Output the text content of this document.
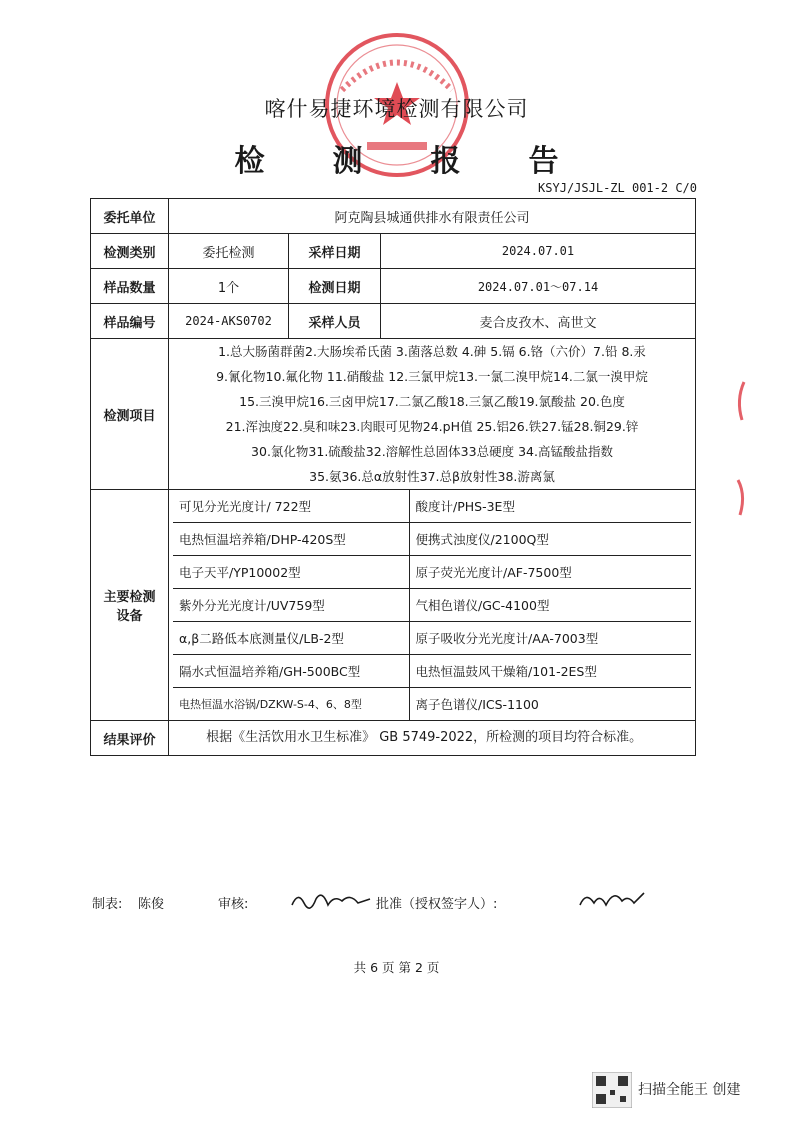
喀什易捷环境检测有限公司
检 测 报 告
KSYJ/JSJL-ZL 001-2 C/0
委托单位	阿克陶县城通供排水有限责任公司
检测类别	委托检测	采样日期	2024.07.01
样品数量	1个	检测日期	2024.07.01～07.14
样品编号	2024-AKS0702	采样人员	麦合皮孜木、高世文
检测项目	
1.总大肠菌群菌2.大肠埃希氏菌 3.菌落总数 4.砷 5.镉 6.铬（六价）7.铅 8.汞
9.氰化物10.氟化物 11.硝酸盐 12.三氯甲烷13.一氯二溴甲烷14.二氯一溴甲烷
15.三溴甲烷16.三卤甲烷17.二氯乙酸18.三氯乙酸19.氯酸盐 20.色度
21.浑浊度22.臭和味23.肉眼可见物24.pH值 25.铝26.铁27.锰28.铜29.锌
30.氯化物31.硫酸盐32.溶解性总固体33总硬度 34.高锰酸盐指数
35.氨36.总α放射性37.总β放射性38.游离氯

主要检测
设备

可见分光光度计/ 722型	酸度计/PHS-3E型
电热恒温培养箱/DHP-420S型	便携式浊度仪/2100Q型
电子天平/YP10002型	原子荧光光度计/AF-7500型
紫外分光光度计/UV759型	气相色谱仪/GC-4100型
α,β二路低本底测量仪/LB-2型	原子吸收分光光度计/AA-7003型
隔水式恒温培养箱/GH-500BC型	电热恒温鼓风干燥箱/101-2ES型
电热恒温水浴锅/DZKW-S-4、6、8型	离子色谱仪/ICS-1100

结果评价	根据《生活饮用水卫生标准》 GB 5749-2022，所检测的项目均符合标准。
制表: 陈俊	审核:	批准（授权签字人）:
共 6 页 第 2 页
扫描全能王 创建
